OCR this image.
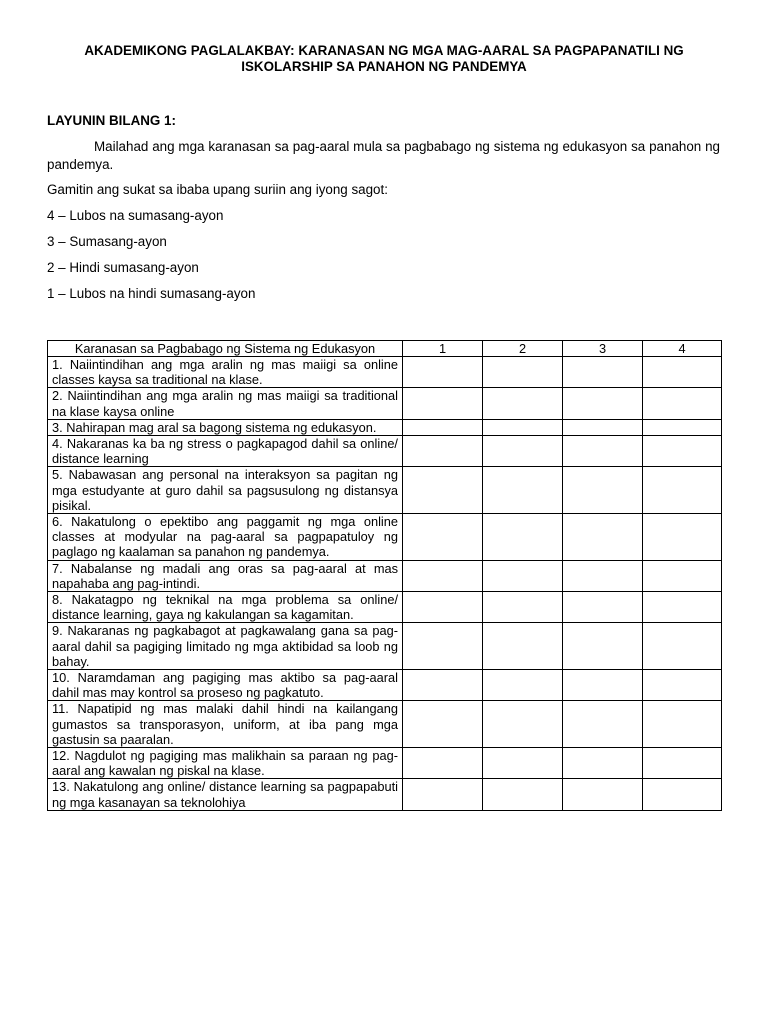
AKADEMIKONG PAGLALAKBAY: KARANASAN NG MGA MAG-AARAL SA PAGPAPANATILI NG ISKOLARSHIP SA PANAHON NG PANDEMYA
LAYUNIN BILANG 1:

Mailahad ang mga karanasan sa pag-aaral mula sa pagbabago ng sistema ng edukasyon sa panahon ng pandemya.

Gamitin ang sukat sa ibaba upang suriin ang iyong sagot:
4 – Lubos na sumasang-ayon
3 – Sumasang-ayon
2 – Hindi sumasang-ayon
1 – Lubos na hindi sumasang-ayon
Karanasan sa Pagbabago ng Sistema ng Edukasyon	1	2	3	4
1. Naiintindihan ang mga aralin ng mas maiigi sa online classes kaysa sa traditional na klase.				
2. Naiintindihan ang mga aralin ng mas maiigi sa traditional na klase kaysa online				
3. Nahirapan mag aral sa bagong sistema ng edukasyon.				
4. Nakaranas ka ba ng stress o pagkapagod dahil sa online/ distance learning				
5. Nabawasan ang personal na interaksyon sa pagitan ng mga estudyante at guro dahil sa pagsusulong ng distansya pisikal.				
6. Nakatulong o epektibo ang paggamit ng mga online classes at modyular na pag-aaral sa pagpapatuloy ng paglago ng kaalaman sa panahon ng pandemya.				
7. Nabalanse ng madali ang oras sa pag-aaral at mas napahaba ang pag-intindi.				
8. Nakatagpo ng teknikal na mga problema sa online/ distance learning, gaya ng kakulangan sa kagamitan.				
9. Nakaranas ng pagkabagot at pagkawalang gana sa pag-aaral dahil sa pagiging limitado ng mga aktibidad sa loob ng bahay.				
10. Naramdaman ang pagiging mas aktibo sa pag-aaral dahil mas may kontrol sa proseso ng pagkatuto.				
11. Napatipid ng mas malaki dahil hindi na kailangang gumastos sa transporasyon, uniform, at iba pang mga gastusin sa paaralan.				
12. Nagdulot ng pagiging mas malikhain sa paraan ng pag-aaral ang kawalan ng piskal na klase.				
13. Nakatulong ang online/ distance learning sa pagpapabuti ng mga kasanayan sa teknolohiya				
